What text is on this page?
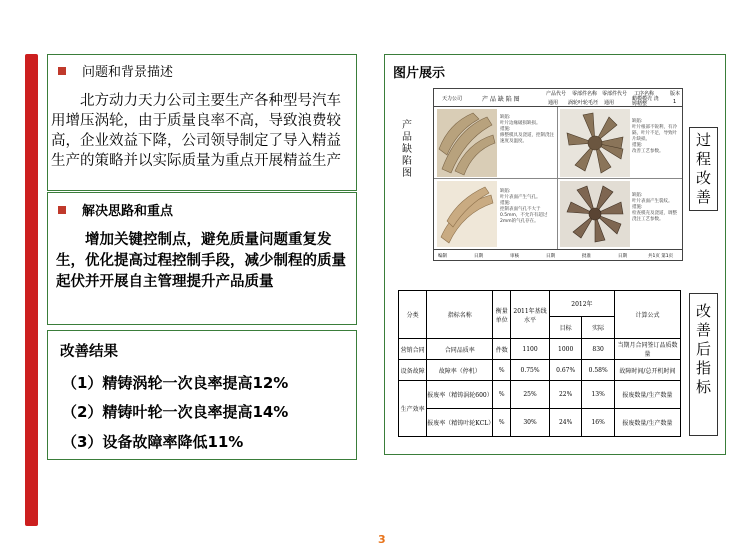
问题和背景描述
北方动力天力公司主要生产各种型号汽车用增压涡轮，由于质量良率不高，导致浪费较高，企业效益下降，公司领导制定了导入精益生产的策略并以实际质量为重点开展精益生产
解决思路和重点
增加关键控制点，避免质量问题重复发生，优化提高过程控制手段，减少制程的质量起伏并开展自主管理提升产品质量
改善结果
（1）精铸涡轮一次良率提高12%
（2）精铸叶轮一次良率提高14%
（3）设备故障率降低11%
图片展示
产品缺陷图
天力公司	产 品 缺 陷 图
产品代号 零部件名称 零部件代号 工序名称	版本
通用 涡轮叶轮毛坯 通用
蜡模模壳 浇铸精整	1
缺陷:
叶片边缘破损缺损。
措施:
修整模具及浇道，控制浇注速度及温度。
缺陷:
叶片根部不锐利，有冷隔，叶片不足，导致叶片缺损。
措施:
改善工艺参数。
缺陷:
叶片表面产生气孔。
措施:
控制表面气孔不大于0.5mm，不允许有超过2mm的气孔存在。
缺陷:
叶片表面产生裂纹。
措施:
检查模壳及浇道，调整浇注工艺参数。
编制	日期	审核	日期	批准	日期	共1页 第1页
过程改善
改善后指标
分类	指标名称	衡量单位	2011年基线水平	2012年		计算公式
				目标	实际	
营销合同	合同品质率	件数	1100	1000	830	当期月合同签订品质数量
设备故障	故障率（停机）	%	0.75%	0.67%	0.58%	故障时间/总开机时间
生产效率	报废率（精铸涡轮600）	%	25%	22%	13%	报废数量/生产数量
	报废率（精铸叶轮KCL）	%	30%	24%	16%	报废数量/生产数量
3
